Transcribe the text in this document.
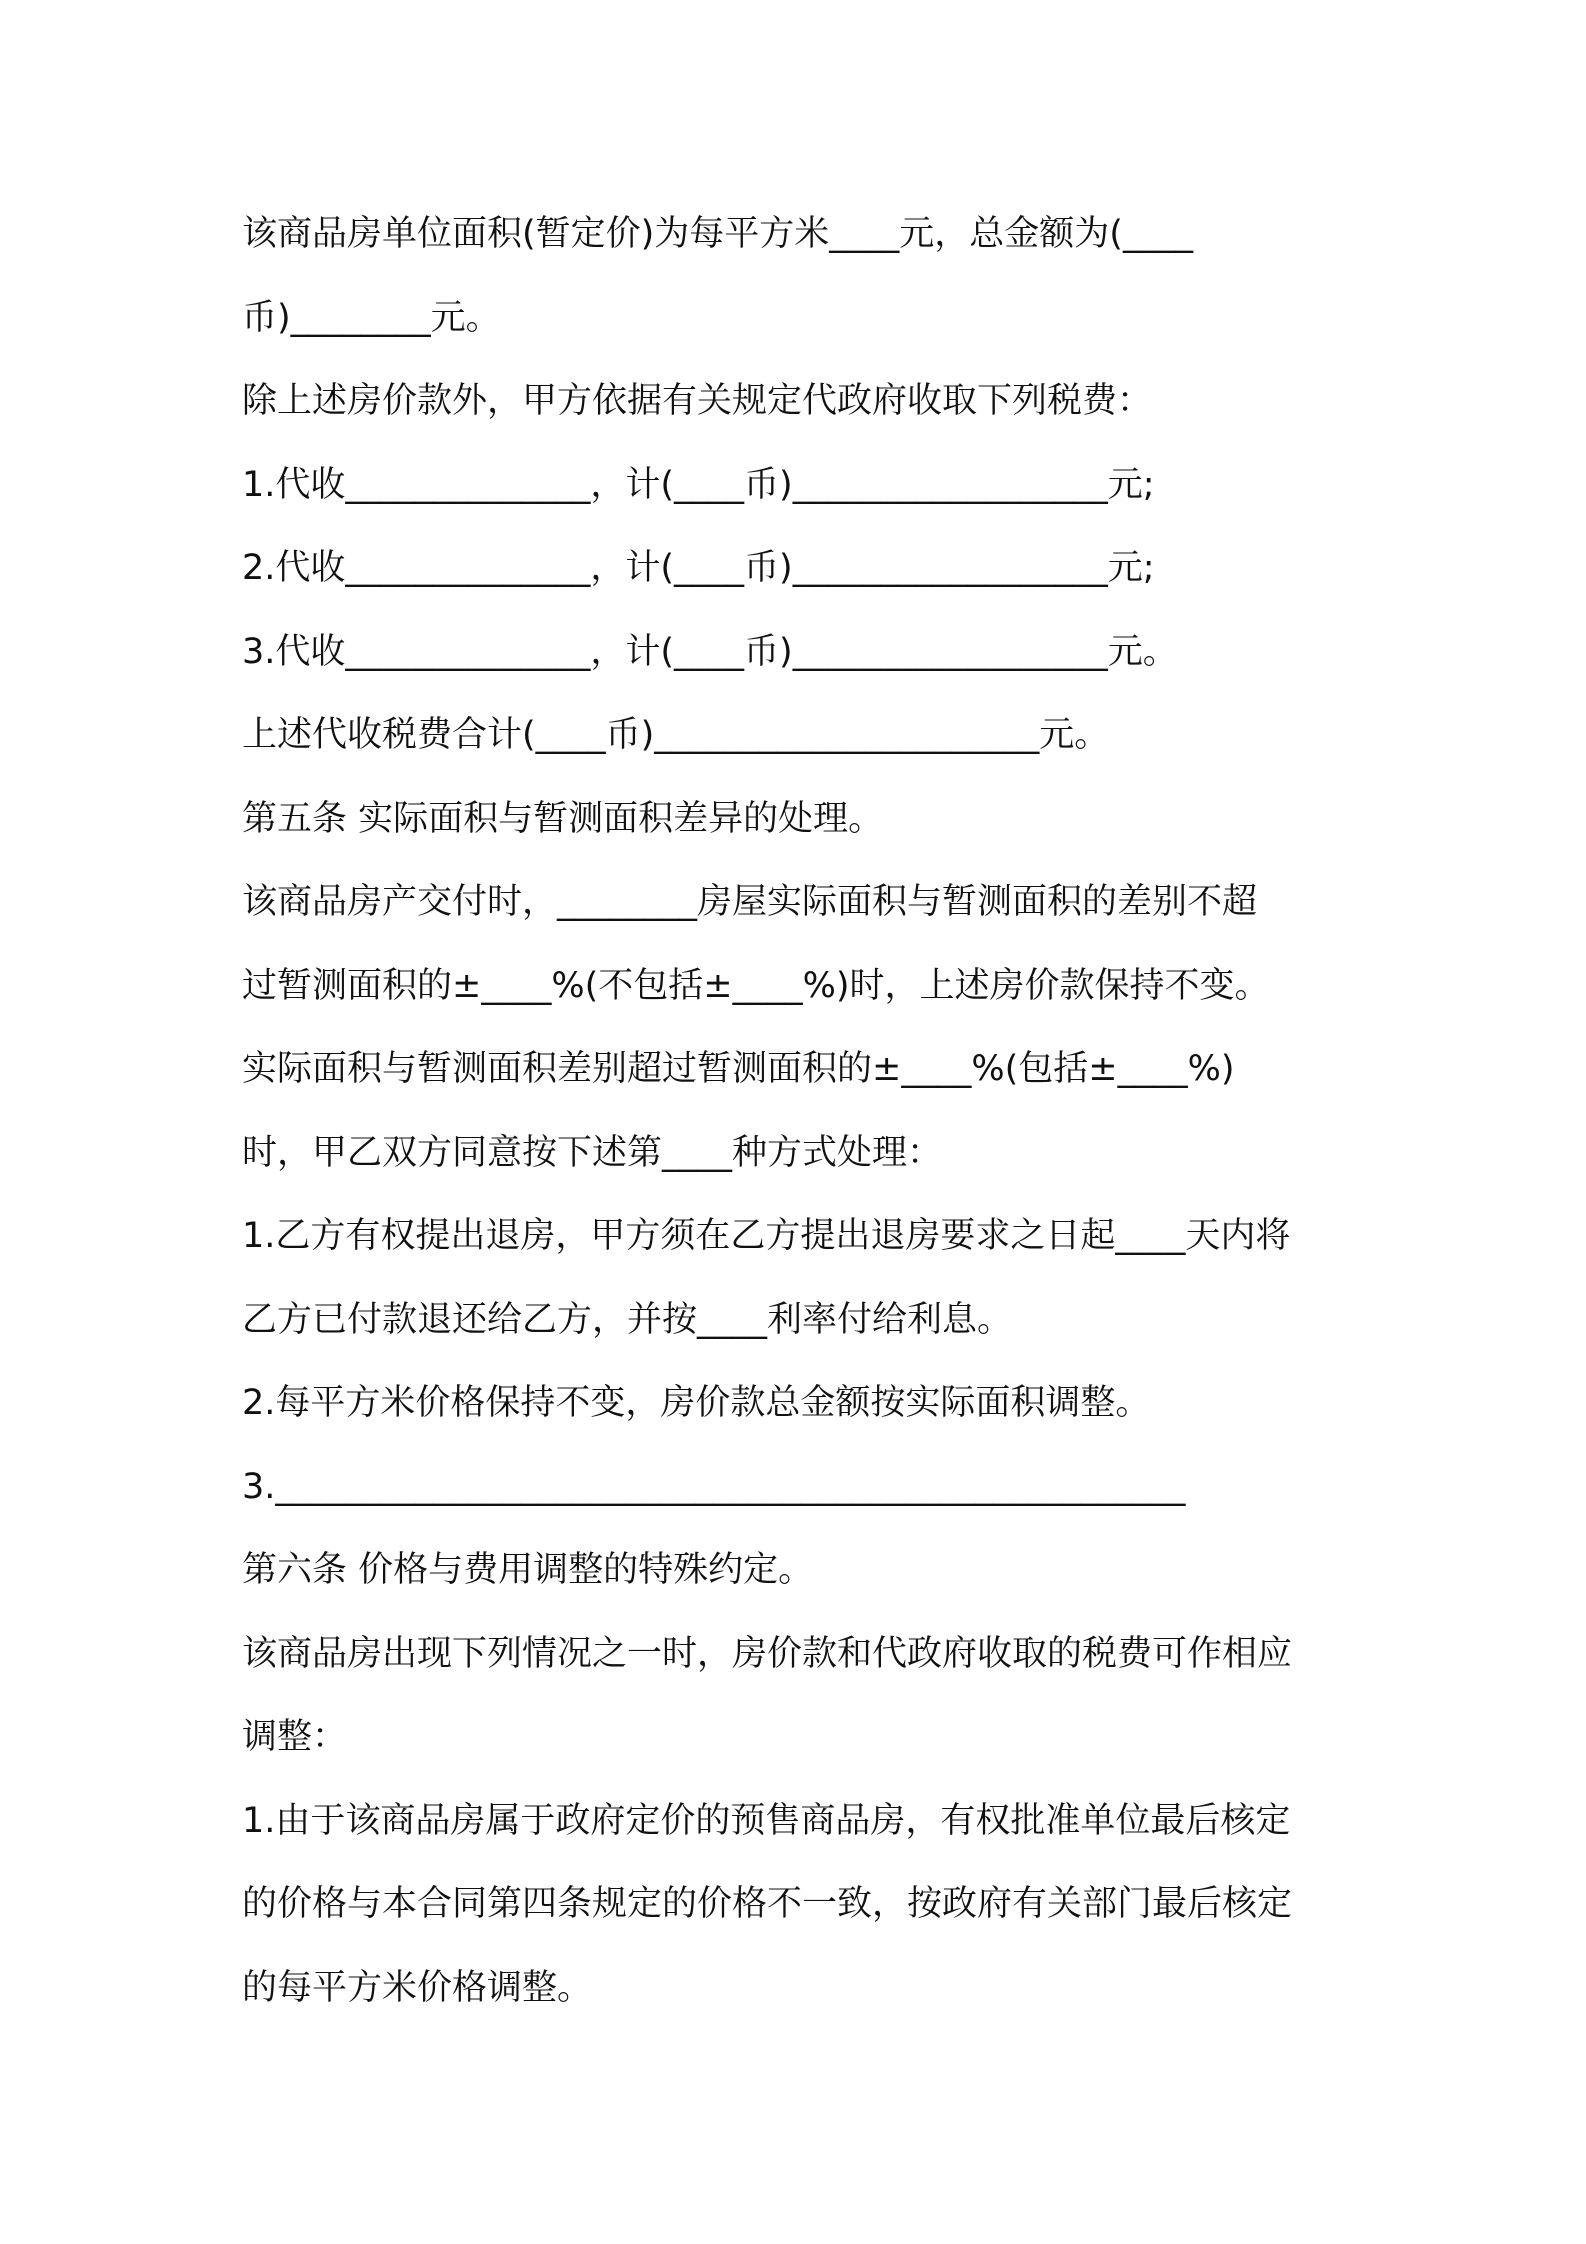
该商品房单位面积(暂定价)为每平方米____元，总金额为(____
币)________元。
除上述房价款外，甲方依据有关规定代政府收取下列税费：
1.代收______________，计(____币)__________________元;
2.代收______________，计(____币)__________________元;
3.代收______________，计(____币)__________________元。
上述代收税费合计(____币)______________________元。
第五条 实际面积与暂测面积差异的处理。
该商品房产交付时，________房屋实际面积与暂测面积的差别不超
过暂测面积的±____%(不包括±____%)时，上述房价款保持不变。
实际面积与暂测面积差别超过暂测面积的±____%(包括±____%)
时，甲乙双方同意按下述第____种方式处理：
1.乙方有权提出退房，甲方须在乙方提出退房要求之日起____天内将
乙方已付款退还给乙方，并按____利率付给利息。
2.每平方米价格保持不变，房价款总金额按实际面积调整。
3.____________________________________________________
第六条 价格与费用调整的特殊约定。
该商品房出现下列情况之一时，房价款和代政府收取的税费可作相应
调整：
1.由于该商品房属于政府定价的预售商品房，有权批准单位最后核定
的价格与本合同第四条规定的价格不一致，按政府有关部门最后核定
的每平方米价格调整。
